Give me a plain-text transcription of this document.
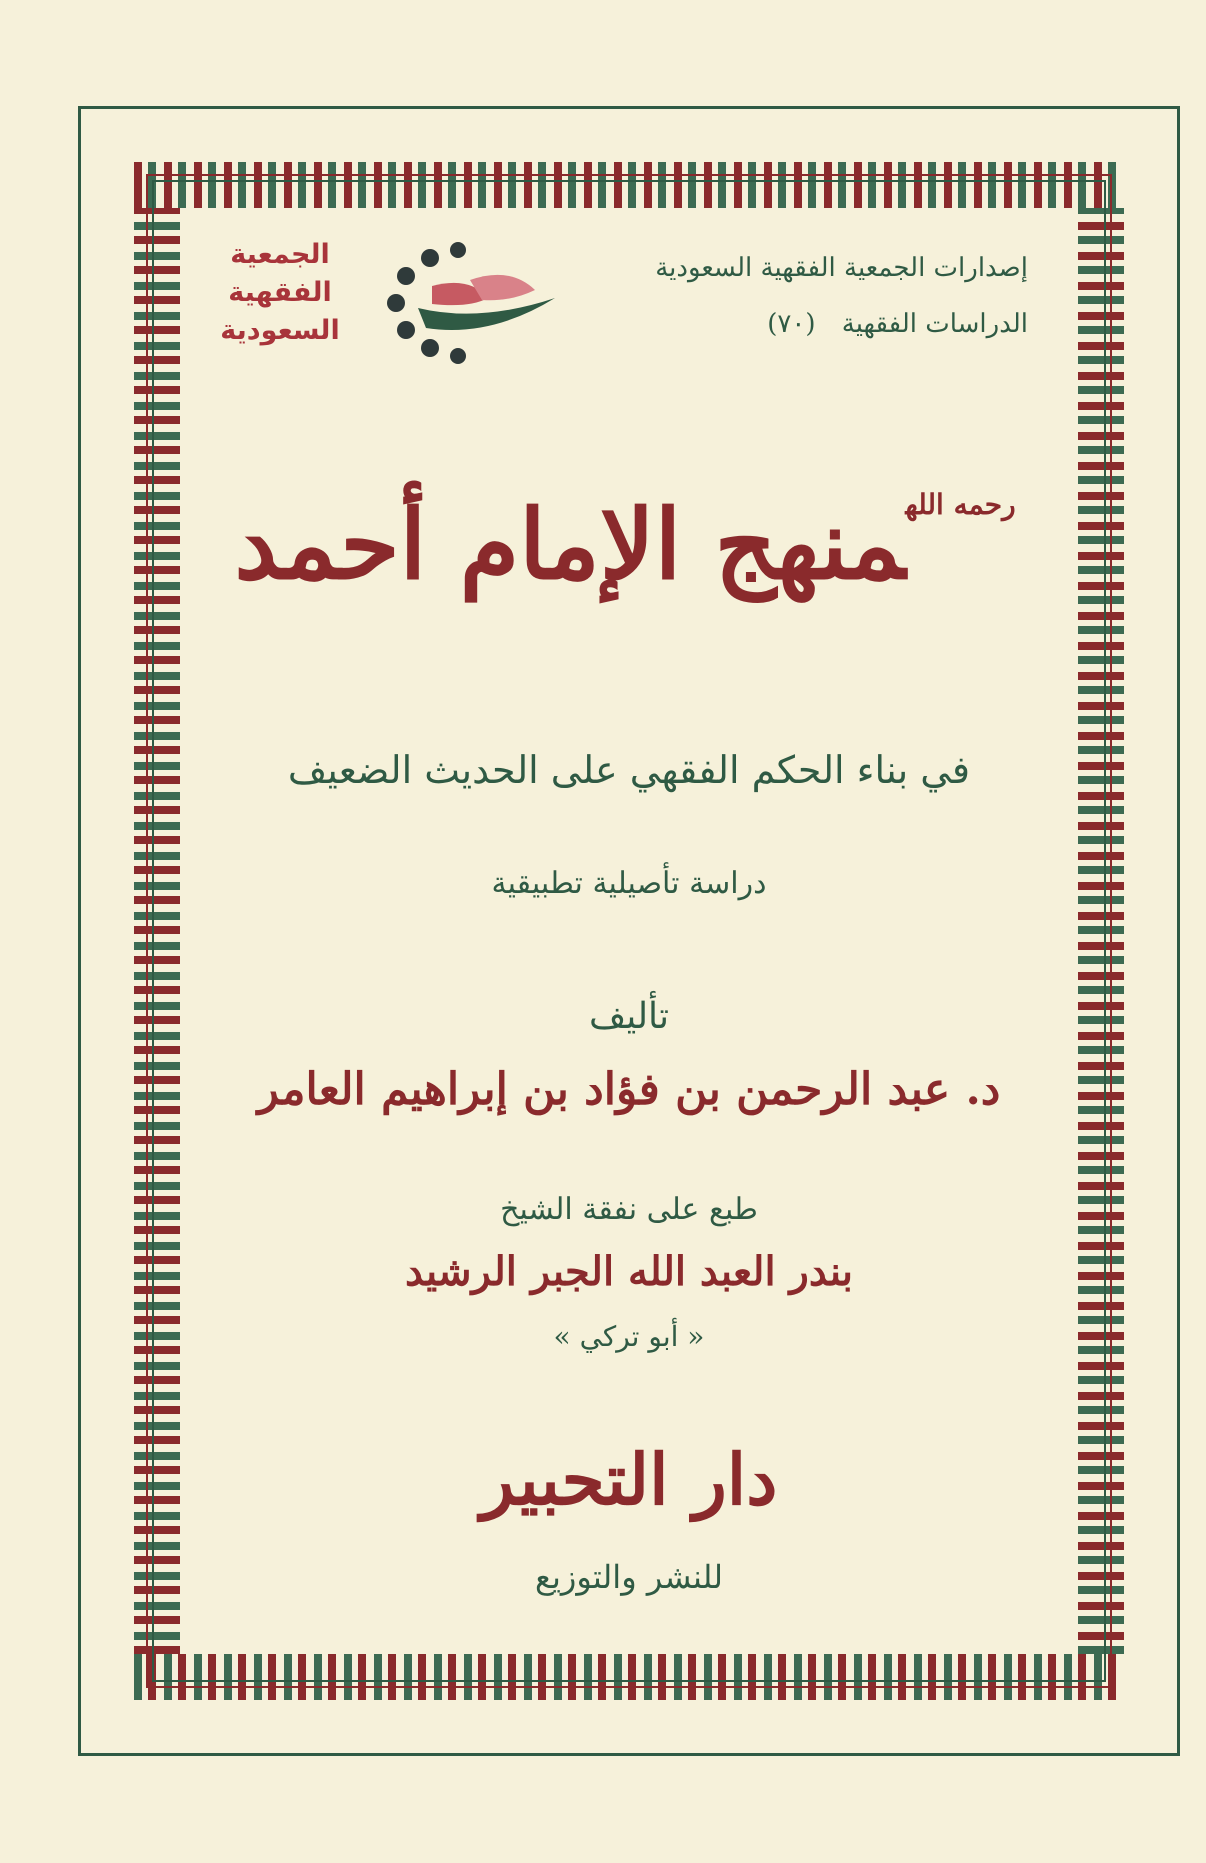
إصدارات الجمعية الفقهية السعودية
الدراسات الفقهية (٧٠)
الجمعية
الفقهية
السعودية
$^{رحمه الله}$منهج الإمام أحمد
في بناء الحكم الفقهي على الحديث الضعيف
دراسة تأصيلية تطبيقية
تأليف
د. عبد الرحمن بن فؤاد بن إبراهيم العامر
طبع على نفقة الشيخ
بندر العبد الله الجبر الرشيد
« أبو تركي »
دار التحبير
للنشر والتوزيع
